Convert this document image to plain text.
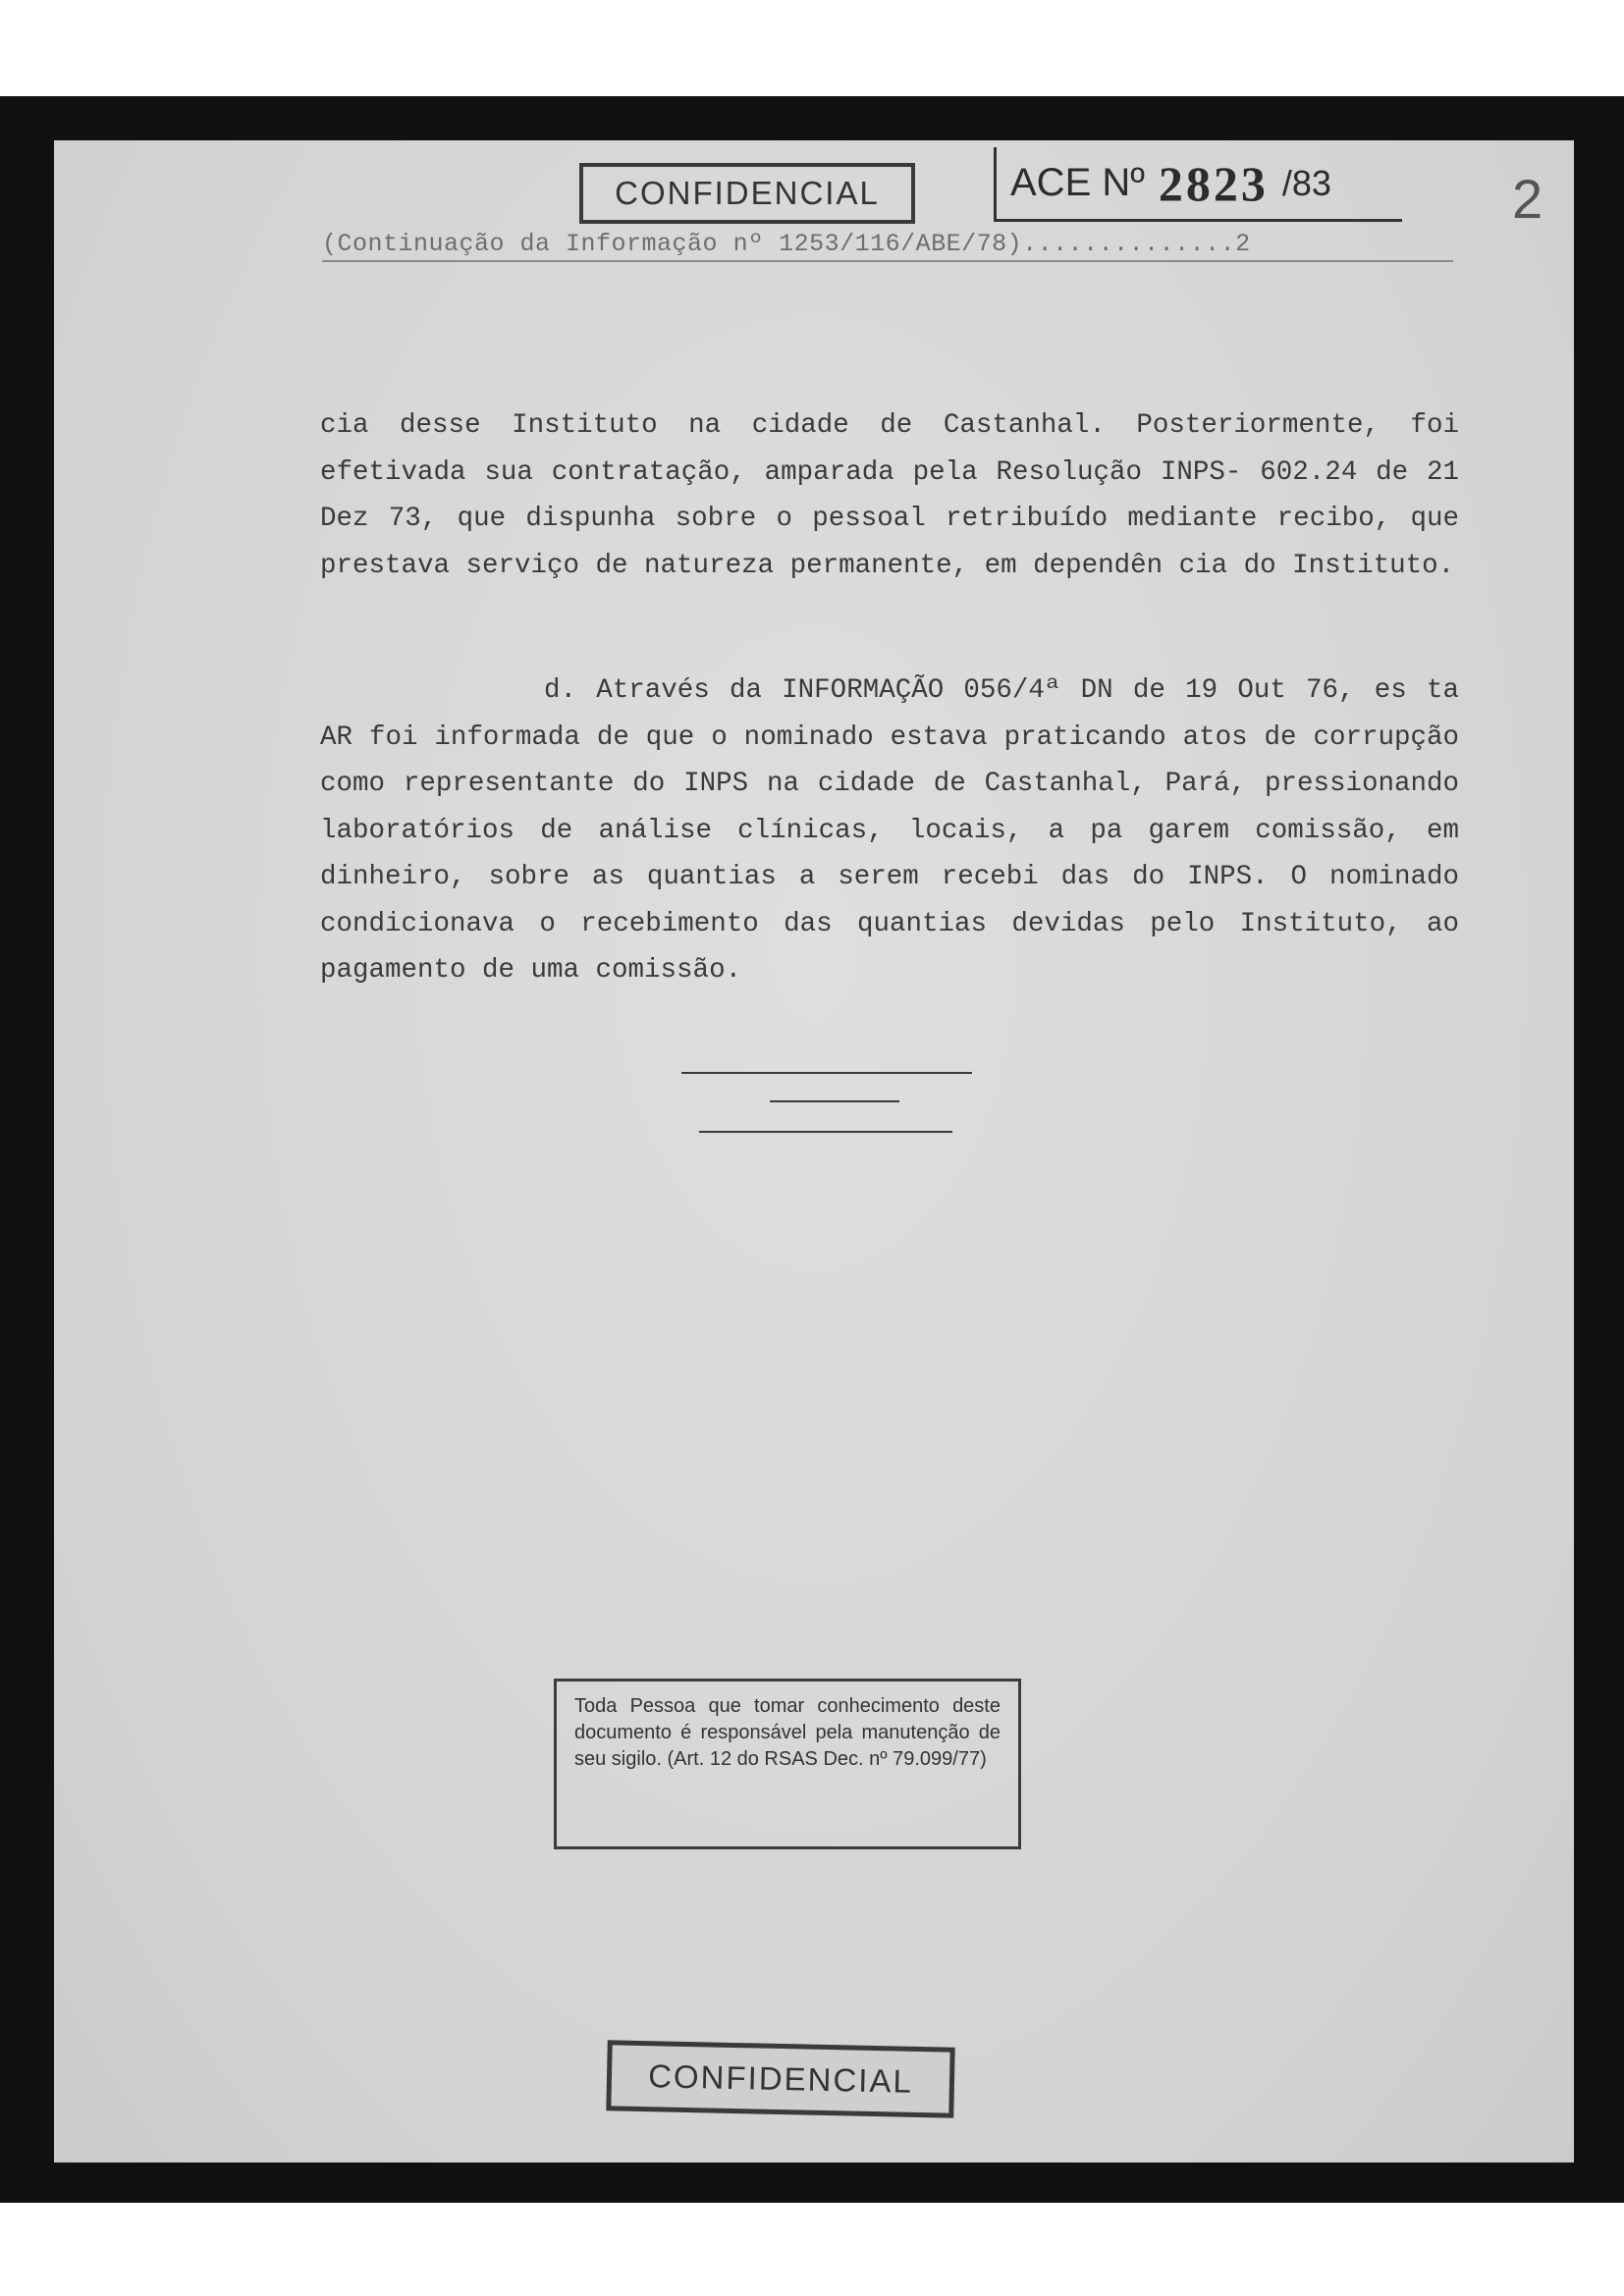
CONFIDENCIAL	ACE Nº 2823 /83	2
(Continuação da Informação nº 1253/116/ABE/78)..............2
cia desse Instituto na cidade de Castanhal. Posteriormente, foi efetivada sua contratação, amparada pela Resolução INPS- 602.24 de 21 Dez 73, que dispunha sobre o pessoal retribuído mediante recibo, que prestava serviço de natureza permanente, em dependên cia do Instituto.
d. Através da INFORMAÇÃO 056/4ª DN de 19 Out 76, es ta AR foi informada de que o nominado estava praticando atos de corrupção como representante do INPS na cidade de Castanhal, Pará, pressionando laboratórios de análise clínicas, locais, a pa garem comissão, em dinheiro, sobre as quantias a serem recebi das do INPS. O nominado condicionava o recebimento das quantias devidas pelo Instituto, ao pagamento de uma comissão.
Toda Pessoa que tomar conhecimento deste documento é responsável pela manutenção de seu sigilo. (Art. 12 do RSAS Dec. nº 79.099/77)
CONFIDENCIAL
